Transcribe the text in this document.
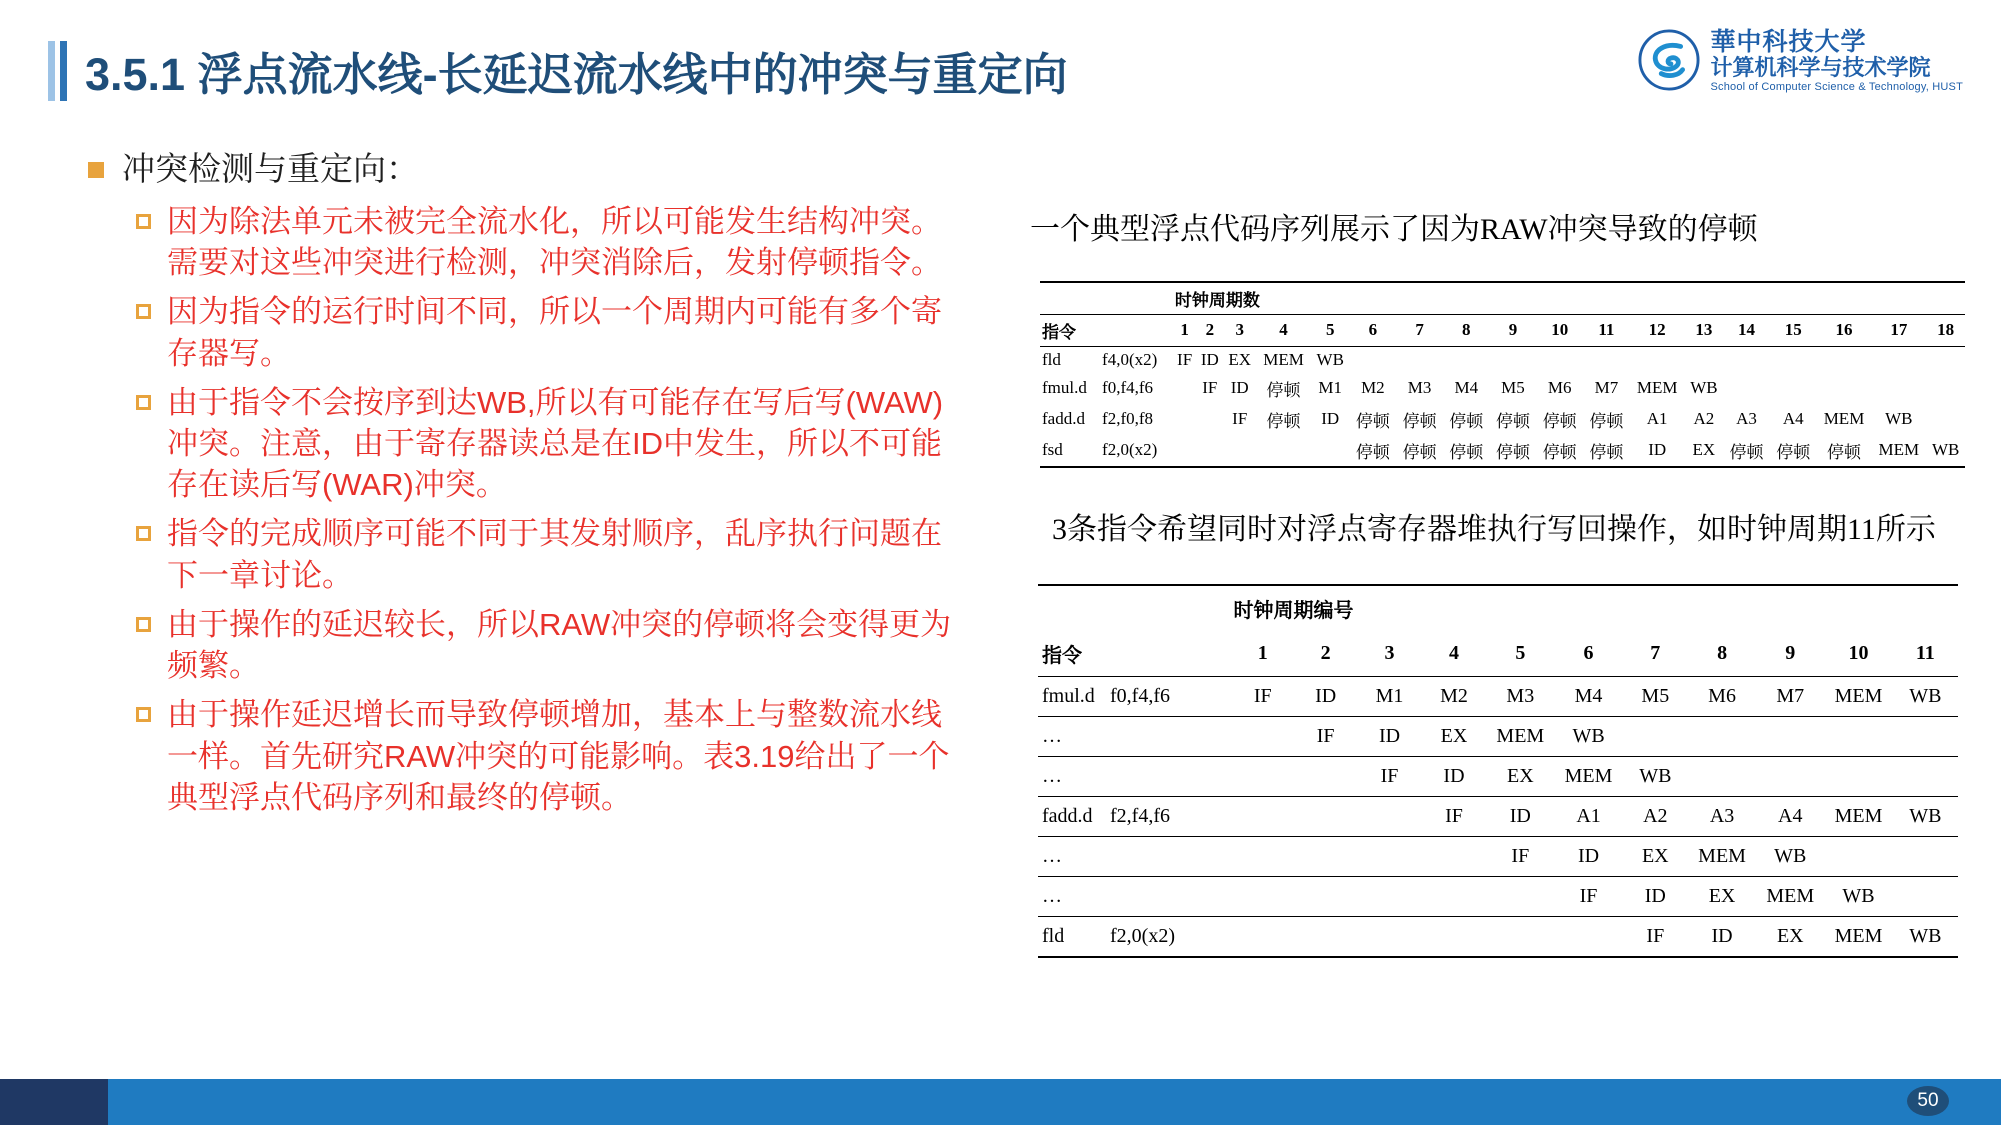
3.5.1 浮点流水线-长延迟流水线中的冲突与重定向
華中科技大学
计算机科学与技术学院
School of Computer Science & Technology, HUST
冲突检测与重定向：
因为除法单元未被完全流水化，所以可能发生结构冲突。需要对这些冲突进行检测，冲突消除后，发射停顿指令。
因为指令的运行时间不同，所以一个周期内可能有多个寄存器写。
由于指令不会按序到达WB,所以有可能存在写后写(WAW)冲突。注意，由于寄存器读总是在ID中发生，所以不可能存在读后写(WAR)冲突。
指令的完成顺序可能不同于其发射顺序，乱序执行问题在下一章讨论。
由于操作的延迟较长，所以RAW冲突的停顿将会变得更为频繁。
由于操作延迟增长而导致停顿增加，基本上与整数流水线一样。首先研究RAW冲突的可能影响。表3.19给出了一个典型浮点代码序列和最终的停顿。
一个典型浮点代码序列展示了因为RAW冲突导致的停顿
		时钟周期数																	
指令		1	2	3	4	5	6	7	8	9	10	11	12	13	14	15	16	17	18
fld	f4,0(x2)	IF	ID	EX	MEM	WB													
fmul.d	f0,f4,f6		IF	ID	停顿	M1	M2	M3	M4	M5	M6	M7	MEM	WB					
fadd.d	f2,f0,f8			IF	停顿	ID	停顿	停顿	停顿	停顿	停顿	停顿	A1	A2	A3	A4	MEM	WB	
fsd	f2,0(x2)						停顿	停顿	停顿	停顿	停顿	停顿	ID	EX	停顿	停顿	停顿	MEM	WB
3条指令希望同时对浮点寄存器堆执行写回操作，如时钟周期11所示
	时钟周期编号										
指令	1	2	3	4	5	6	7	8	9	10	11
fmul.d f0,f4,f6	IF	ID	M1	M2	M3	M4	M5	M6	M7	MEM	WB
…		IF	ID	EX	MEM	WB					
…			IF	ID	EX	MEM	WB				
fadd.d f2,f4,f6				IF	ID	A1	A2	A3	A4	MEM	WB
…					IF	ID	EX	MEM	WB		
…						IF	ID	EX	MEM	WB	
fld f2,0(x2)							IF	ID	EX	MEM	WB
50
